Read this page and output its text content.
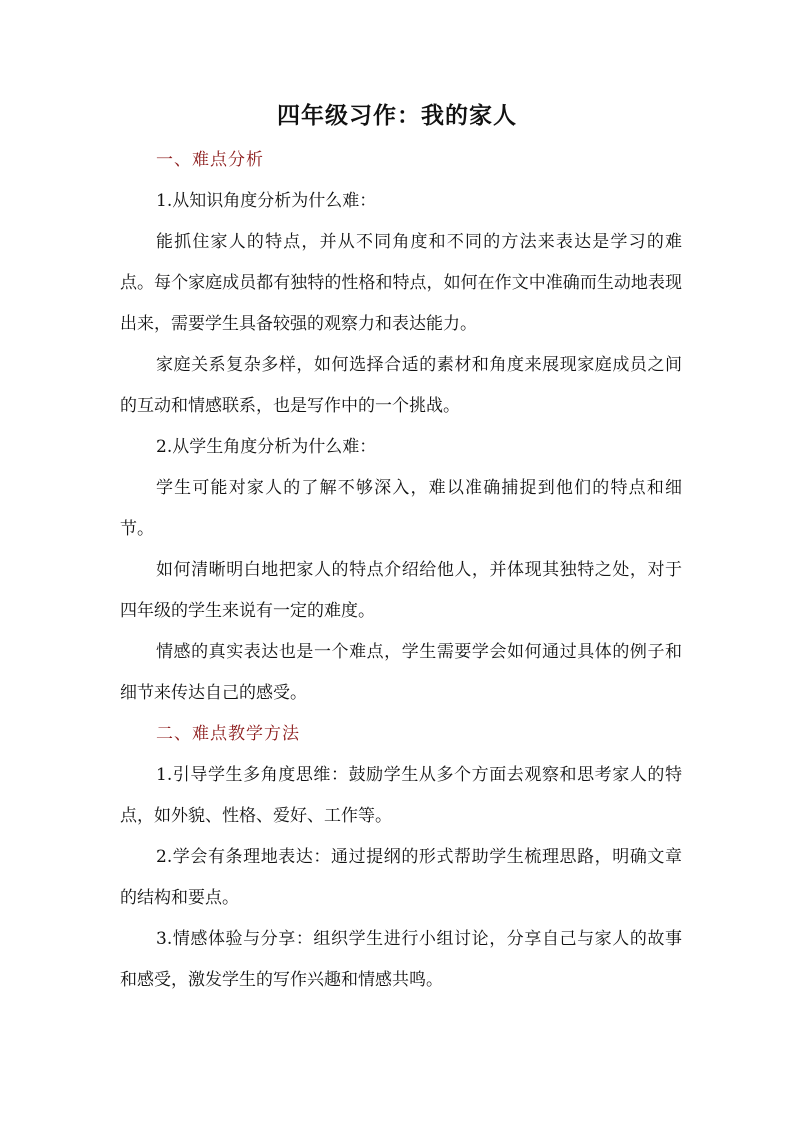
四年级习作：我的家人

一、难点分析

1.从知识角度分析为什么难：

能抓住家人的特点，并从不同角度和不同的方法来表达是学习的难点。每个家庭成员都有独特的性格和特点，如何在作文中准确而生动地表现出来，需要学生具备较强的观察力和表达能力。

家庭关系复杂多样，如何选择合适的素材和角度来展现家庭成员之间的互动和情感联系，也是写作中的一个挑战。

2.从学生角度分析为什么难：

学生可能对家人的了解不够深入，难以准确捕捉到他们的特点和细节。

如何清晰明白地把家人的特点介绍给他人，并体现其独特之处，对于四年级的学生来说有一定的难度。

情感的真实表达也是一个难点，学生需要学会如何通过具体的例子和细节来传达自己的感受。

二、难点教学方法

1.引导学生多角度思维：鼓励学生从多个方面去观察和思考家人的特点，如外貌、性格、爱好、工作等。

2.学会有条理地表达：通过提纲的形式帮助学生梳理思路，明确文章的结构和要点。

3.情感体验与分享：组织学生进行小组讨论，分享自己与家人的故事和感受，激发学生的写作兴趣和情感共鸣。
